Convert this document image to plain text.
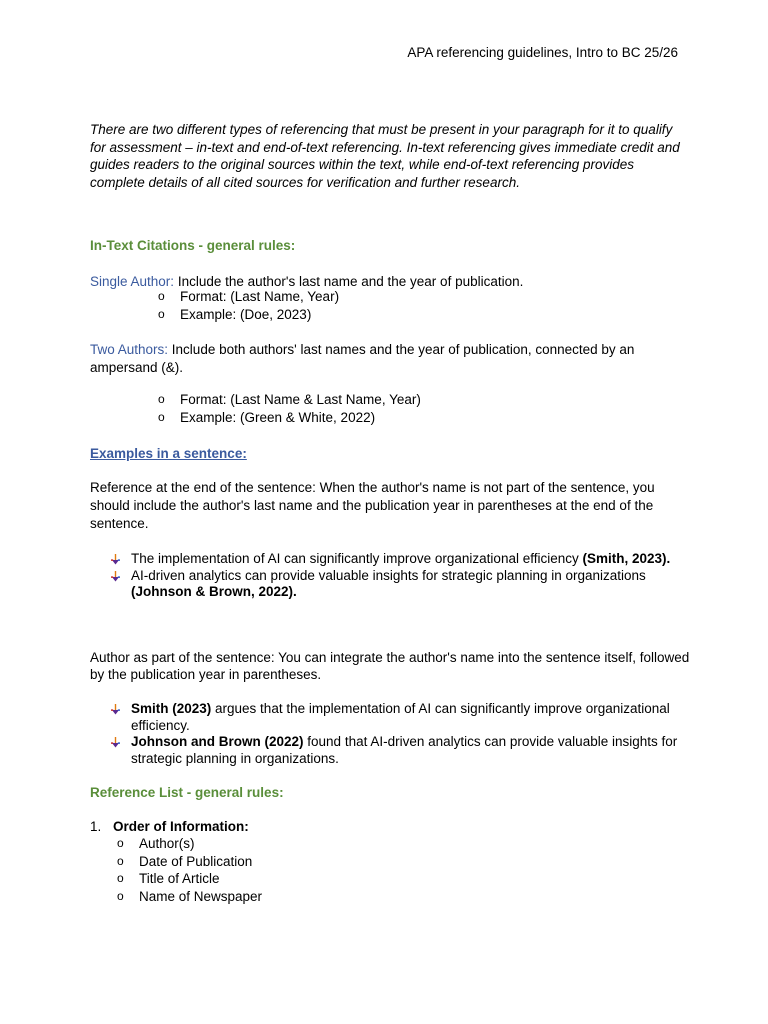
APA referencing guidelines, Intro to BC 25/26
There are two different types of referencing that must be present in your paragraph for it to qualify for assessment – in-text and end-of-text referencing. In-text referencing gives immediate credit and guides readers to the original sources within the text, while end-of-text referencing provides complete details of all cited sources for verification and further research.
In-Text Citations - general rules:
Single Author: Include the author's last name and the year of publication.
o Format: (Last Name, Year)
o Example: (Doe, 2023)
Two Authors: Include both authors' last names and the year of publication, connected by an ampersand (&).
o Format: (Last Name & Last Name, Year)
o Example: (Green & White, 2022)
Examples in a sentence:
Reference at the end of the sentence: When the author's name is not part of the sentence, you should include the author's last name and the publication year in parentheses at the end of the sentence.
The implementation of AI can significantly improve organizational efficiency (Smith, 2023).
AI-driven analytics can provide valuable insights for strategic planning in organizations (Johnson & Brown, 2022).
Author as part of the sentence: You can integrate the author's name into the sentence itself, followed by the publication year in parentheses.
Smith (2023) argues that the implementation of AI can significantly improve organizational efficiency.
Johnson and Brown (2022) found that AI-driven analytics can provide valuable insights for strategic planning in organizations.
Reference List - general rules:
1. Order of Information:
o Author(s)
o Date of Publication
o Title of Article
o Name of Newspaper
